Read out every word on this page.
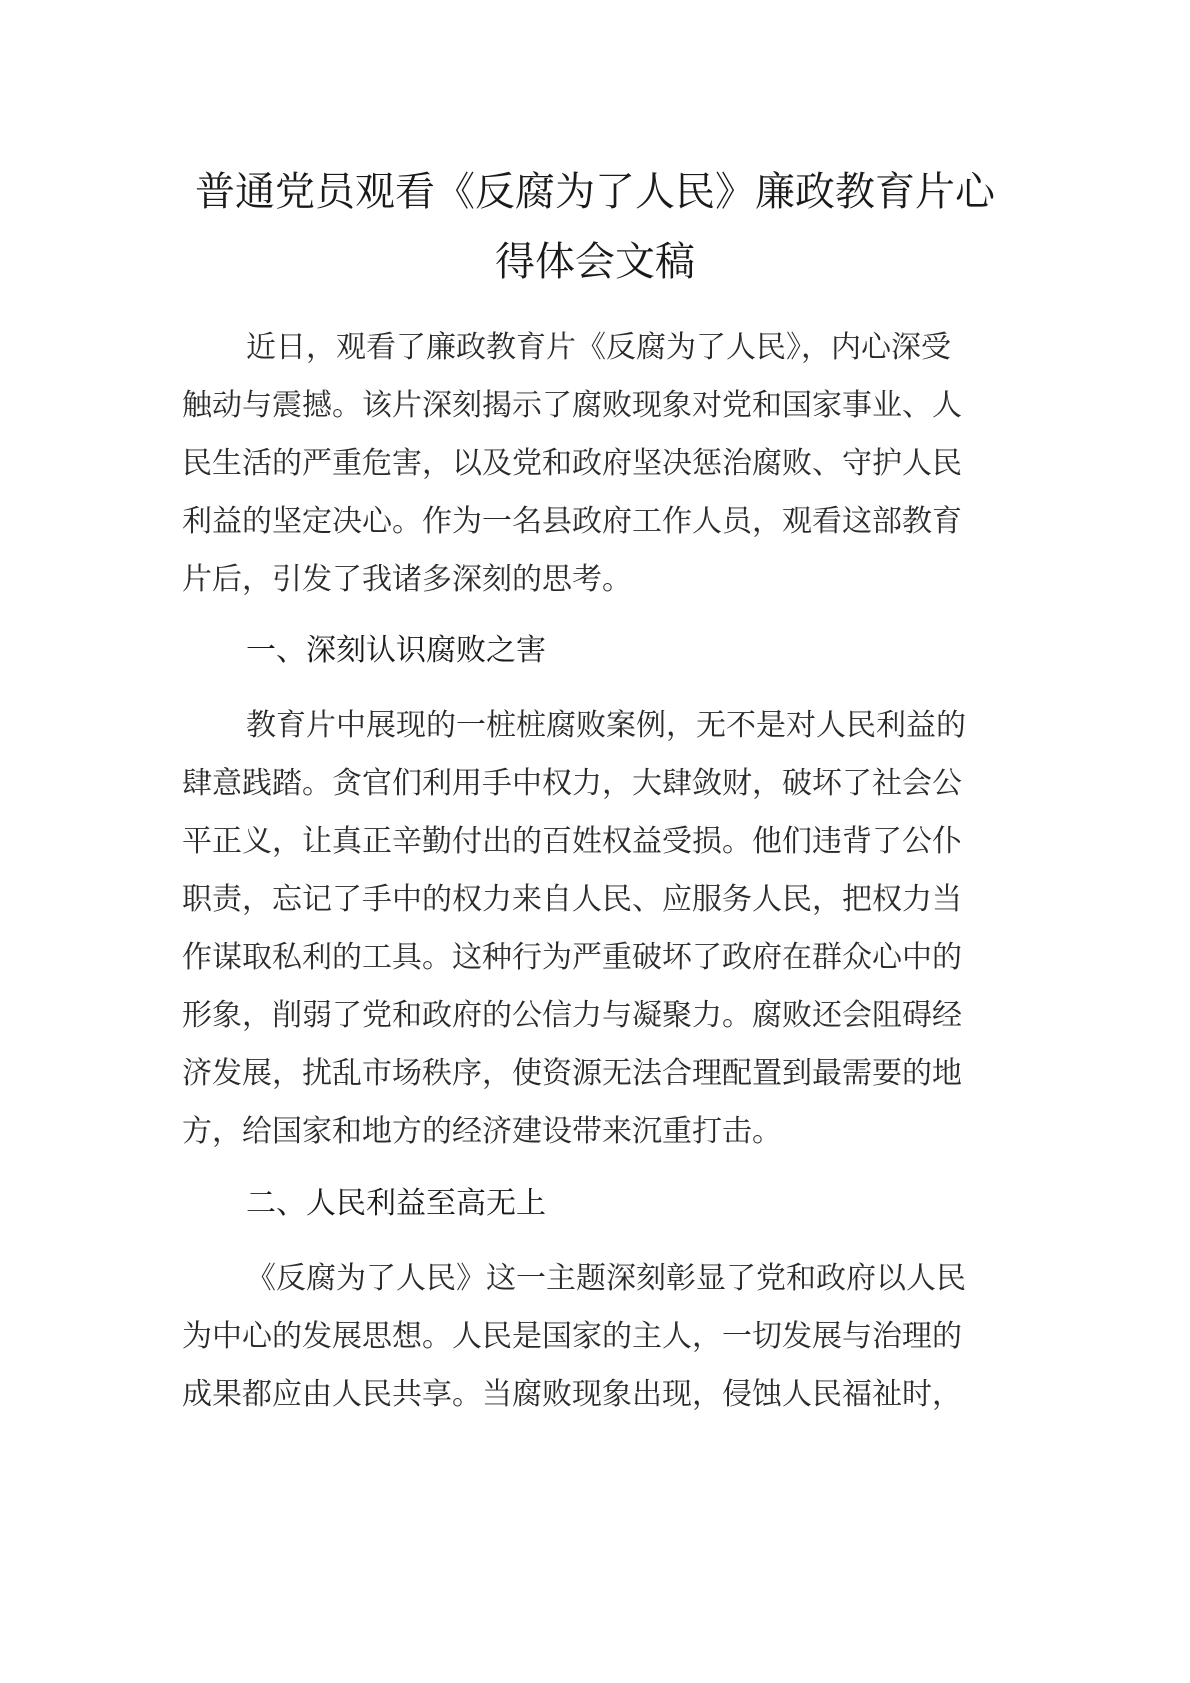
普通党员观看《反腐为了人民》廉政教育片心
得体会文稿
近日，观看了廉政教育片《反腐为了人民》，内心深受
触动与震撼。该片深刻揭示了腐败现象对党和国家事业、人
民生活的严重危害，以及党和政府坚决惩治腐败、守护人民
利益的坚定决心。作为一名县政府工作人员，观看这部教育
片后，引发了我诸多深刻的思考。
一、深刻认识腐败之害
教育片中展现的一桩桩腐败案例，无不是对人民利益的
肆意践踏。贪官们利用手中权力，大肆敛财，破坏了社会公
平正义，让真正辛勤付出的百姓权益受损。他们违背了公仆
职责，忘记了手中的权力来自人民、应服务人民，把权力当
作谋取私利的工具。这种行为严重破坏了政府在群众心中的
形象，削弱了党和政府的公信力与凝聚力。腐败还会阻碍经
济发展，扰乱市场秩序，使资源无法合理配置到最需要的地
方，给国家和地方的经济建设带来沉重打击。
二、人民利益至高无上
《反腐为了人民》这一主题深刻彰显了党和政府以人民
为中心的发展思想。人民是国家的主人，一切发展与治理的
成果都应由人民共享。当腐败现象出现，侵蚀人民福祉时，
